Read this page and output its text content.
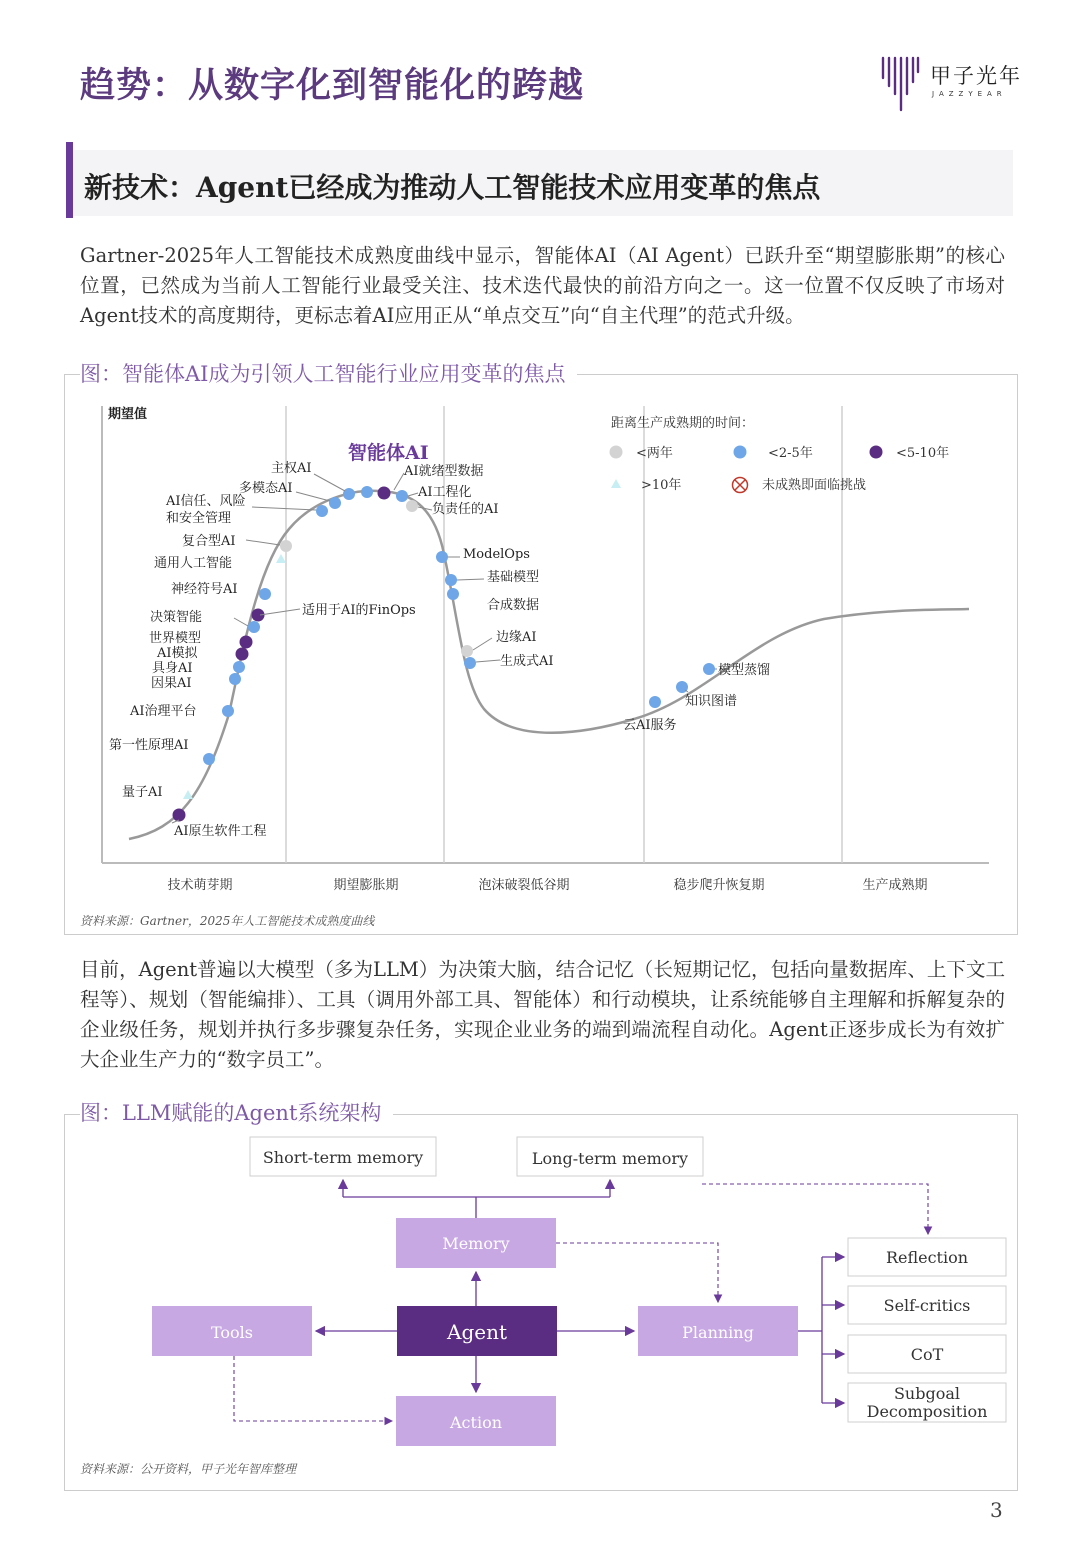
趋势：从数字化到智能化的跨越	甲子光年
JAZZYEAR
新技术：Agent已经成为推动人工智能技术应用变革的焦点
Gartner-2025年人工智能技术成熟度曲线中显示，智能体AI（AI Agent）已跃升至“期望膨胀期”的核心位置，已然成为当前人工智能行业最受关注、技术迭代最快的前沿方向之一。这一位置不仅反映了市场对Agent技术的高度期待，更标志着AI应用正从“单点交互”向“自主代理”的范式升级。
图：智能体AI成为引领人工智能行业应用变革的焦点
期望值
距离生产成熟期的时间：
<两年	<2-5年	<5-10年
>10年	未成熟即面临挑战
主权AI
多模态AI
AI信任、风险
和安全管理
智能体AI
AI就绪型数据
AI工程化
负责任的AI
复合型AI
通用人工智能
神经符号AI
决策智能	适用于AI的FinOps
世界模型
AI模拟
具身AI
因果AI
AI治理平台
第一性原理AI
量子AI
AI原生软件工程
ModelOps
基础模型
合成数据
边缘AI
生成式AI
模型蒸馏
知识图谱
云AI服务
技术萌芽期	期望膨胀期	泡沫破裂低谷期	稳步爬升恢复期	生产成熟期
资料来源：Gartner，2025年人工智能技术成熟度曲线
目前，Agent普遍以大模型（多为LLM）为决策大脑，结合记忆（长短期记忆，包括向量数据库、上下文工程等）、规划（智能编排）、工具（调用外部工具、智能体）和行动模块，让系统能够自主理解和拆解复杂的企业级任务，规划并执行多步骤复杂任务，实现企业业务的端到端流程自动化。Agent正逐步成长为有效扩大企业生产力的“数字员工”。
图：LLM赋能的Agent系统架构
Short-term memory	Long-term memory
Memory
Agent
Tools	Planning
Action
Reflection
Self-critics
CoT
Subgoal
Decomposition
资料来源：公开资料，甲子光年智库整理
3
